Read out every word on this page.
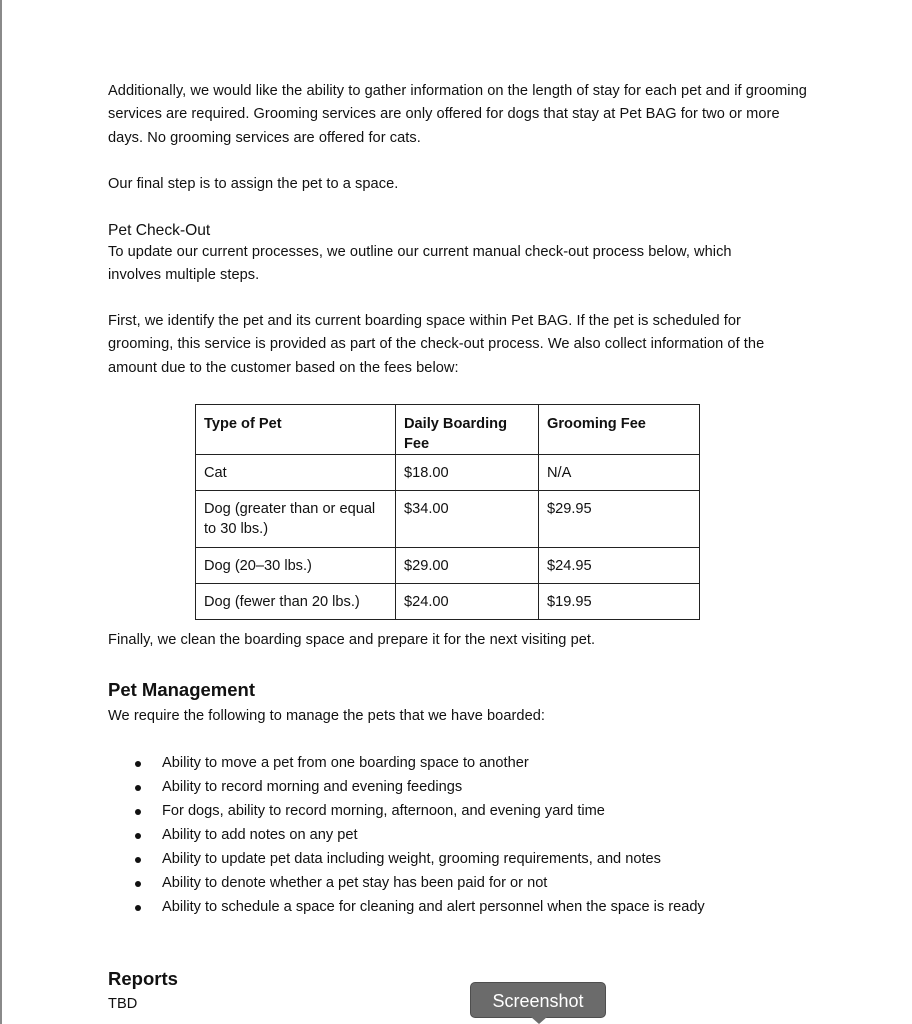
Additionally, we would like the ability to gather information on the length of stay for each pet and if grooming services are required. Grooming services are only offered for dogs that stay at Pet BAG for two or more days. No grooming services are offered for cats.

Our final step is to assign the pet to a space.

Pet Check-Out

To update our current processes, we outline our current manual check-out process below, which involves multiple steps.

First, we identify the pet and its current boarding space within Pet BAG. If the pet is scheduled for grooming, this service is provided as part of the check-out process. We also collect information of the amount due to the customer based on the fees below:

Type of Pet	Daily Boarding Fee	Grooming Fee
Cat	$18.00	N/A
Dog (greater than or equal to 30 lbs.)	$34.00	$29.95
Dog (20–30 lbs.)	$29.00	$24.95
Dog (fewer than 20 lbs.)	$24.00	$19.95

Finally, we clean the boarding space and prepare it for the next visiting pet.

Pet Management

We require the following to manage the pets that we have boarded:

Ability to move a pet from one boarding space to another
Ability to record morning and evening feedings
For dogs, ability to record morning, afternoon, and evening yard time
Ability to add notes on any pet
Ability to update pet data including weight, grooming requirements, and notes
Ability to denote whether a pet stay has been paid for or not
Ability to schedule a space for cleaning and alert personnel when the space is ready
Reports

TBD	Screenshot
